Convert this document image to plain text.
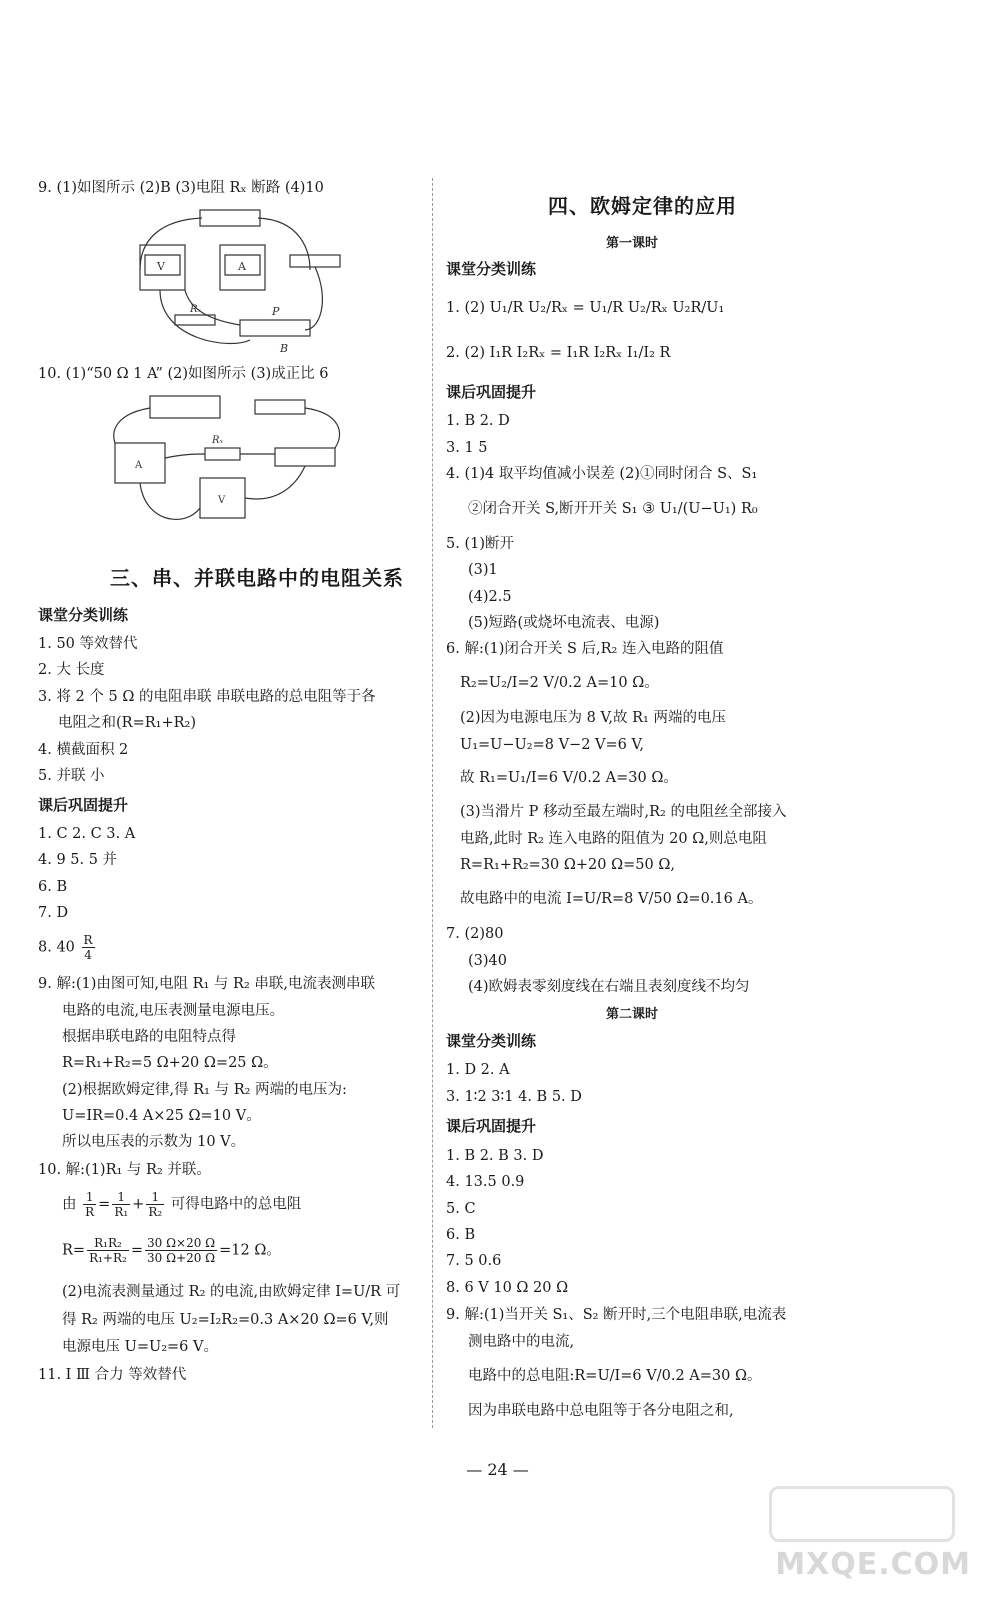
9. (1)如图所示 (2)B (3)电阻 Rₓ 断路 (4)10
V	A
Rₓ	P
B
10. (1)“50 Ω 1 A” (2)如图所示 (3)成正比 6
A
V
Rₓ
三、串、并联电路中的电阻关系
课堂分类训练
1. 50 等效替代
2. 大 长度
3. 将 2 个 5 Ω 的电阻串联 串联电路的总电阻等于各
电阻之和(R=R₁+R₂)
4. 横截面积 2
5. 并联 小
课后巩固提升
1. C 2. C 3. A
4. 9 5. 5 并
6. B
7. D
8. $40 \frac{R}{4}$
9. 解:(1)由图可知,电阻 R₁ 与 R₂ 串联,电流表测串联
电路的电流,电压表测量电源电压。
根据串联电路的电阻特点得
R=R₁+R₂=5 Ω+20 Ω=25 Ω。
(2)根据欧姆定律,得 R₁ 与 R₂ 两端的电压为:
U=IR=0.4 A×25 Ω=10 V。
所以电压表的示数为 10 V。
10. 解:(1)R₁ 与 R₂ 并联。
由 $\frac{1}{R} = \frac{1}{\text{R₁}} + \frac{1}{\text{R₂}}$ 可得电路中的总电阻
$R= \frac{\text{R₁R₂}}{\text{R₁+R₂}} = \frac{30 \Omega\times 20 \Omega}{30 \Omega+20 \Omega} =12$ Ω。
(2)电流表测量通过 R₂ 的电流,由欧姆定律 I=U/R 可
得 R₂ 两端的电压 U₂=I₂R₂=0.3 A×20 Ω=6 V,则
电源电压 U=U₂=6 V。
11. Ⅰ Ⅲ 合力 等效替代
四、欧姆定律的应用
第一课时
课堂分类训练
1. (2) U₁/R U₂/Rₓ = U₁/R U₂/Rₓ U₂R/U₁
2. (2) I₁R I₂Rₓ = I₁R I₂Rₓ I₁/I₂ R
课后巩固提升
1. B 2. D
3. 1 5
4. (1)4 取平均值减小误差 (2)①同时闭合 S、S₁
②闭合开关 S,断开开关 S₁ ③ U₁/(U−U₁) R₀
5. (1)断开
(3)1
(4)2.5
(5)短路(或烧坏电流表、电源)
6. 解:(1)闭合开关 S 后,R₂ 连入电路的阻值
R₂=U₂/I=2 V/0.2 A=10 Ω。
(2)因为电源电压为 8 V,故 R₁ 两端的电压
U₁=U−U₂=8 V−2 V=6 V,
故 R₁=U₁/I=6 V/0.2 A=30 Ω。
(3)当滑片 P 移动至最左端时,R₂ 的电阻丝全部接入
电路,此时 R₂ 连入电路的阻值为 20 Ω,则总电阻
R=R₁+R₂=30 Ω+20 Ω=50 Ω,
故电路中的电流 I=U/R=8 V/50 Ω=0.16 A。
7. (2)80
(3)40
(4)欧姆表零刻度线在右端且表刻度线不均匀
第二课时
课堂分类训练
1. D 2. A
3. 1∶2 3∶1 4. B 5. D
课后巩固提升
1. B 2. B 3. D
4. 13.5 0.9
5. C
6. B
7. 5 0.6
8. 6 V 10 Ω 20 Ω
9. 解:(1)当开关 S₁、S₂ 断开时,三个电阻串联,电流表
测电路中的电流,
电路中的总电阻:R=U/I=6 V/0.2 A=30 Ω。
因为串联电路中总电阻等于各分电阻之和,
— 24 —
MXQE.COM
